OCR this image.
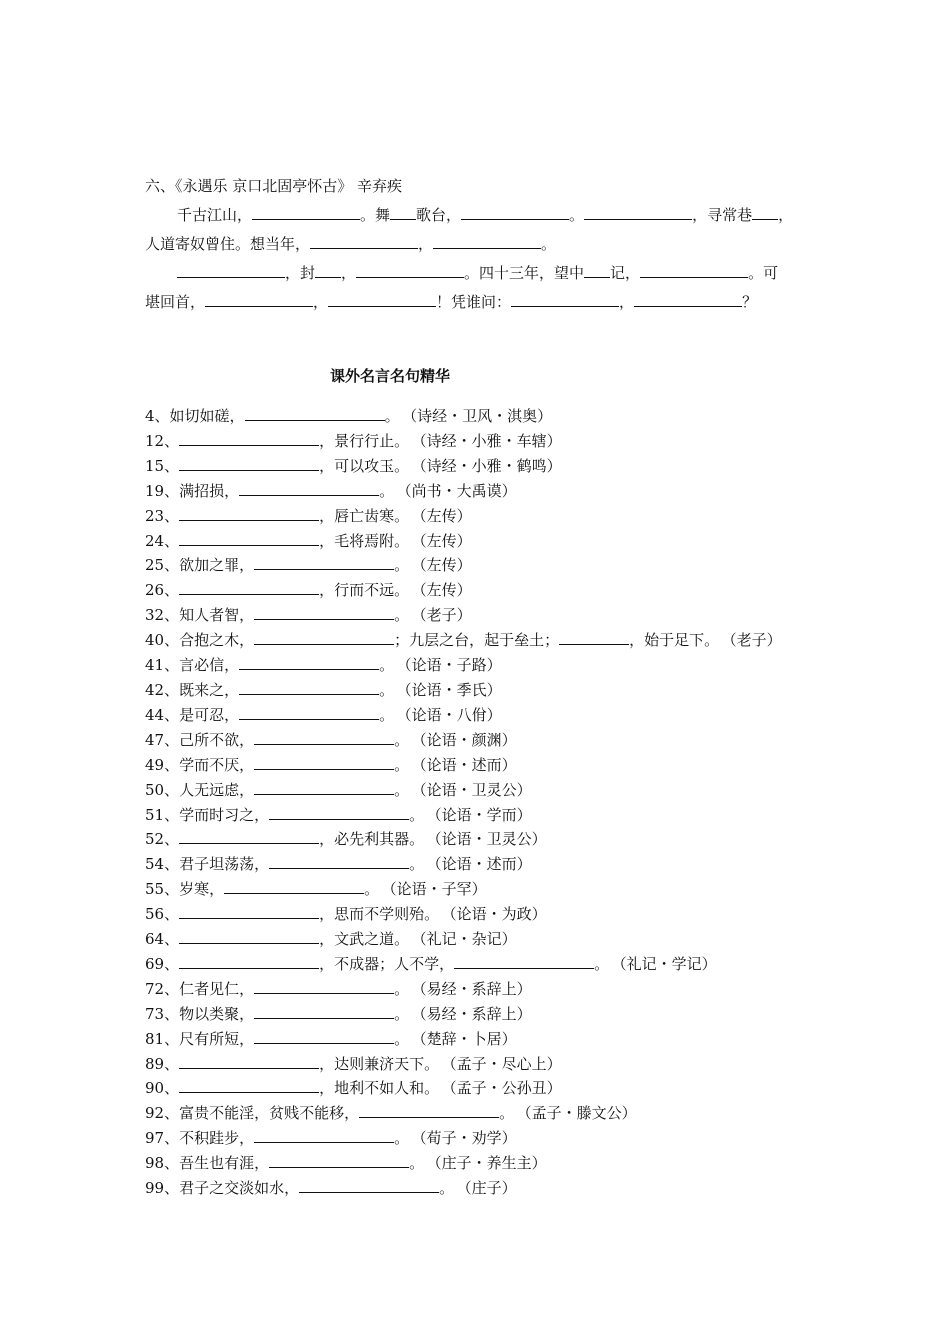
六、《永遇乐 京口北固亭怀古》 辛弃疾
千古江山，	。舞 歌台，	。	，寻常巷 ，
人道寄奴曾住。想当年，	，	。
，封 ，	。四十三年，望中 记，	。可
堪回首，	，	！凭谁问：	，	？
课外名言名句精华
4、如切如磋，	。 （诗经・卫风・淇奥）
12、	，景行行止。 （诗经・小雅・车辖）
15、	，可以攻玉。 （诗经・小雅・鹤鸣）
19、满招损，	。 （尚书・大禹谟）
23、	，唇亡齿寒。 （左传）
24、	，毛将焉附。 （左传）
25、欲加之罪，	。 （左传）
26、	，行而不远。 （左传）
32、知人者智，	。 （老子）
40、合抱之木，	；九层之台，起于垒土；	，始于足下。 （老子）
41、言必信，	。 （论语・子路）
42、既来之，	。 （论语・季氏）
44、是可忍，	。 （论语・八佾）
47、己所不欲，	。 （论语・颜渊）
49、学而不厌，	。 （论语・述而）
50、人无远虑，	。 （论语・卫灵公）
51、学而时习之，	。 （论语・学而）
52、	，必先利其器。 （论语・卫灵公）
54、君子坦荡荡，	。 （论语・述而）
55、岁寒，	。 （论语・子罕）
56、	，思而不学则殆。 （论语・为政）
64、	，文武之道。 （礼记・杂记）
69、	，不成器；人不学，	。 （礼记・学记）
72、仁者见仁，	。 （易经・系辞上）
73、物以类聚，	。 （易经・系辞上）
81、尺有所短，	。 （楚辞・卜居）
89、	，达则兼济天下。 （孟子・尽心上）
90、	，地利不如人和。 （孟子・公孙丑）
92、富贵不能淫，贫贱不能移，	。 （孟子・滕文公）
97、不积跬步，	。 （荀子・劝学）
98、吾生也有涯，	。 （庄子・养生主）
99、君子之交淡如水，	。 （庄子）
